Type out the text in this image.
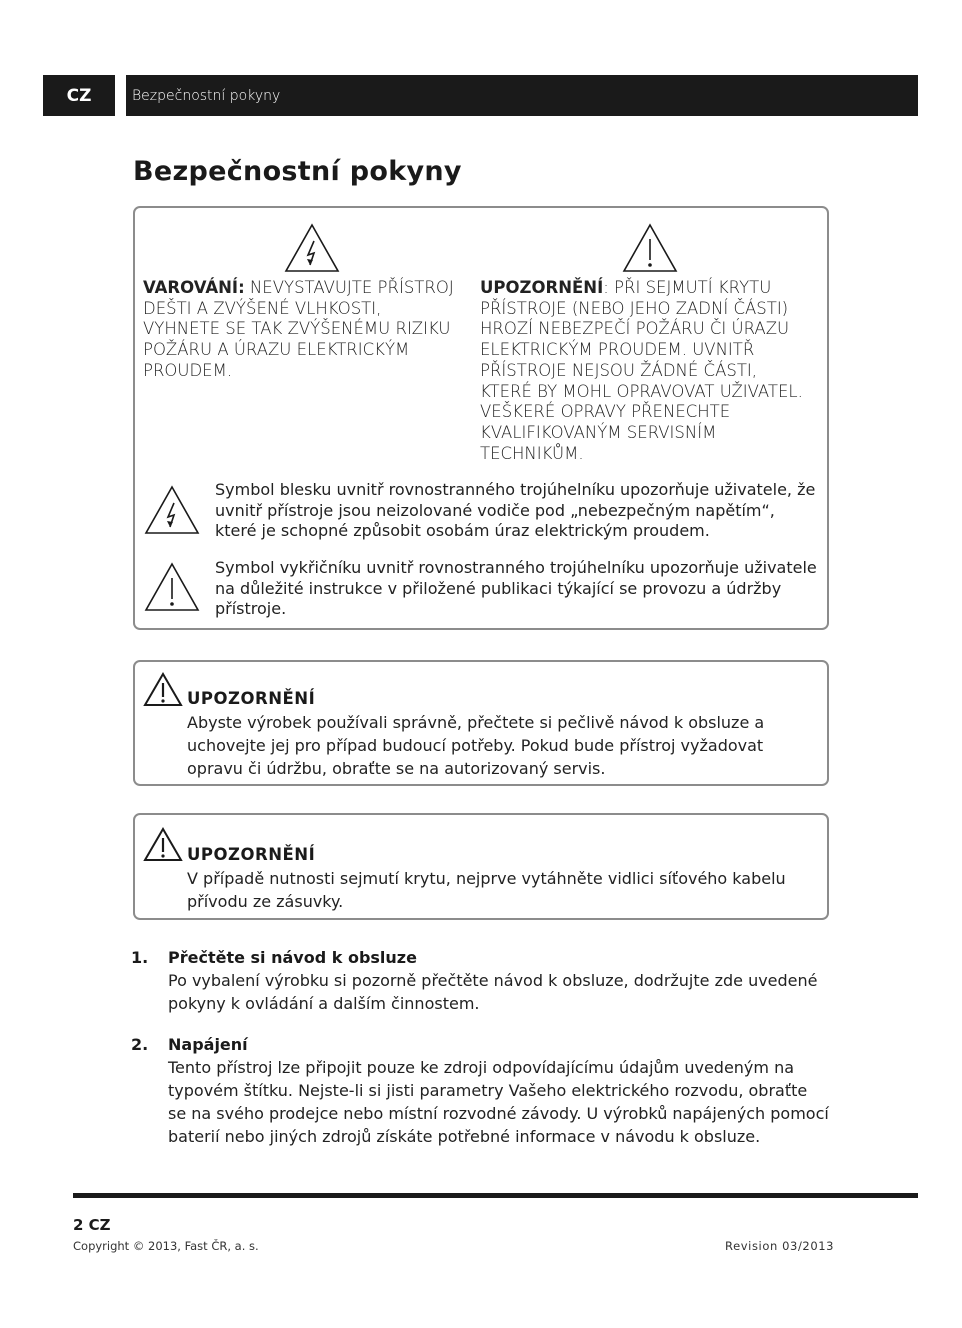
CZ	Bezpečnostní pokyny
Bezpečnostní pokyny
VAROVÁNÍ: NEVYSTAVUJTE PŘÍSTROJ DEŠTI A ZVÝŠENÉ VLHKOSTI, VYHNETE SE TAK ZVÝŠENÉMU RIZIKU POŽÁRU A ÚRAZU ELEKTRICKÝM PROUDEM.
UPOZORNĚNÍ: PŘI SEJMUTÍ KRYTU PŘÍSTROJE (NEBO JEHO ZADNÍ ČÁSTI) HROZÍ NEBEZPEČÍ POŽÁRU ČI ÚRAZU ELEKTRICKÝM PROUDEM. UVNITŘ PŘÍSTROJE NEJSOU ŽÁDNÉ ČÁSTI, KTERÉ BY MOHL OPRAVOVAT UŽIVATEL. VEŠKERÉ OPRAVY PŘENECHTE KVALIFIKOVANÝM SERVISNÍM TECHNIKŮM.
Symbol blesku uvnitř rovnostranného trojúhelníku upozorňuje uživatele, že uvnitř přístroje jsou neizolované vodiče pod „nebezpečným napětím“, které je schopné způsobit osobám úraz elektrickým proudem.
Symbol vykřičníku uvnitř rovnostranného trojúhelníku upozorňuje uživatele na důležité instrukce v přiložené publikaci týkající se provozu a údržby přístroje.
UPOZORNĚNÍ
Abyste výrobek používali správně, přečtete si pečlivě návod k obsluze a uchovejte jej pro případ budoucí potřeby. Pokud bude přístroj vyžadovat opravu či údržbu, obraťte se na autorizovaný servis.
UPOZORNĚNÍ
V případě nutnosti sejmutí krytu, nejprve vytáhněte vidlici síťového kabelu přívodu ze zásuvky.
1. Přečtěte si návod k obsluze
Po vybalení výrobku si pozorně přečtěte návod k obsluze, dodržujte zde uvedené pokyny k ovládání a dalším činnostem.
2. Napájení
Tento přístroj lze připojit pouze ke zdroji odpovídajícímu údajům uvedeným na typovém štítku. Nejste-li si jisti parametry Vašeho elektrického rozvodu, obraťte se na svého prodejce nebo místní rozvodné závody. U výrobků napájených pomocí baterií nebo jiných zdrojů získáte potřebné informace v návodu k obsluze.
2 CZ
Copyright © 2013, Fast ČR, a. s.	Revision 03/2013
